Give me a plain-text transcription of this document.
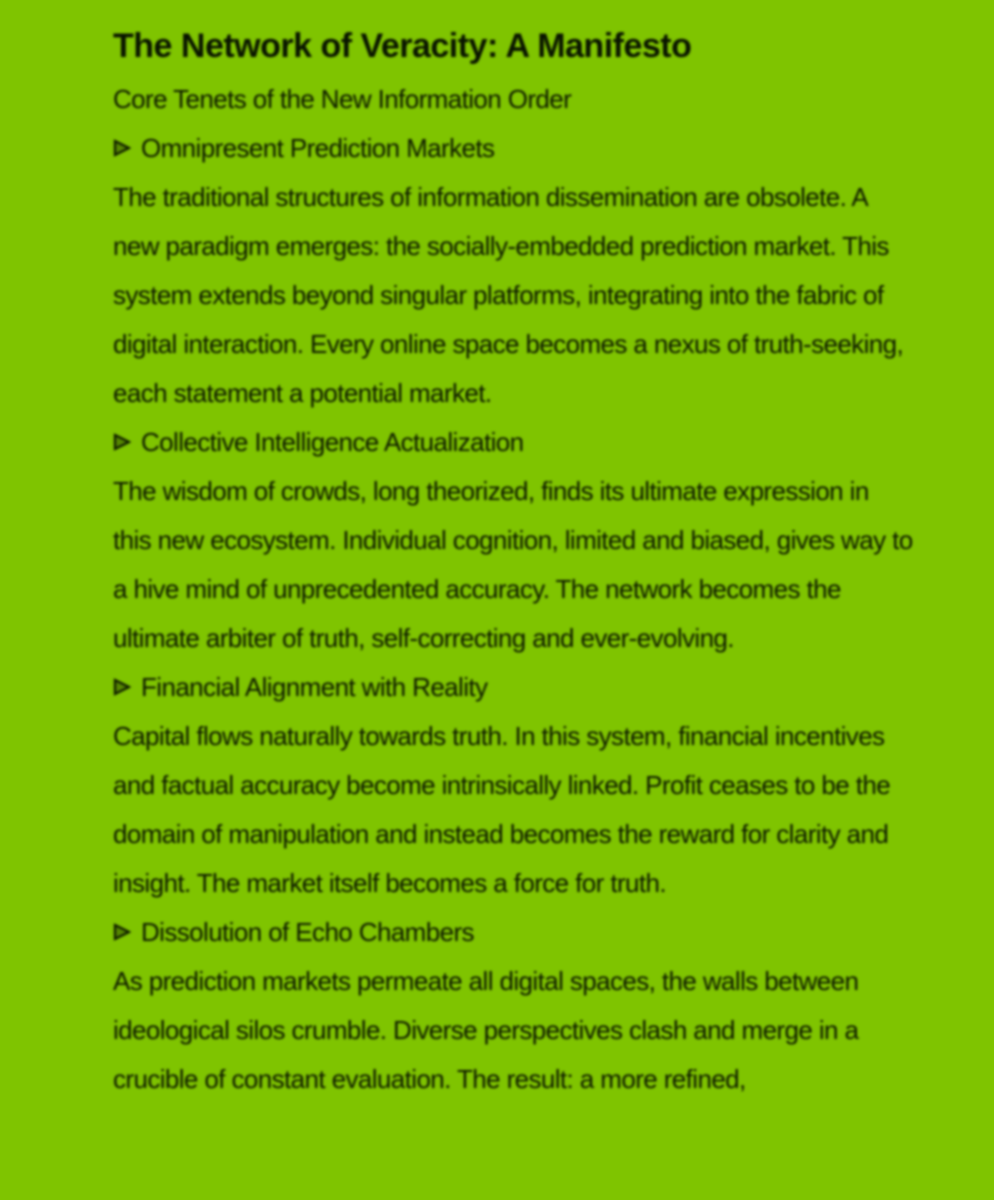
The Network of Veracity: A Manifesto
Core Tenets of the New Information Order
Omnipresent Prediction Markets

The traditional structures of information dissemination are obsolete. A new paradigm emerges: the socially-embedded prediction market. This system extends beyond singular platforms, integrating into the fabric of digital interaction. Every online space becomes a nexus of truth-seeking, each statement a potential market.

Collective Intelligence Actualization

The wisdom of crowds, long theorized, finds its ultimate expression in this new ecosystem. Individual cognition, limited and biased, gives way to a hive mind of unprecedented accuracy. The network becomes the ultimate arbiter of truth, self-correcting and ever-evolving.

Financial Alignment with Reality

Capital flows naturally towards truth. In this system, financial incentives and factual accuracy become intrinsically linked. Profit ceases to be the domain of manipulation and instead becomes the reward for clarity and insight. The market itself becomes a force for truth.

Dissolution of Echo Chambers

As prediction markets permeate all digital spaces, the walls between ideological silos crumble. Diverse perspectives clash and merge in a crucible of constant evaluation. The result: a more refined,
